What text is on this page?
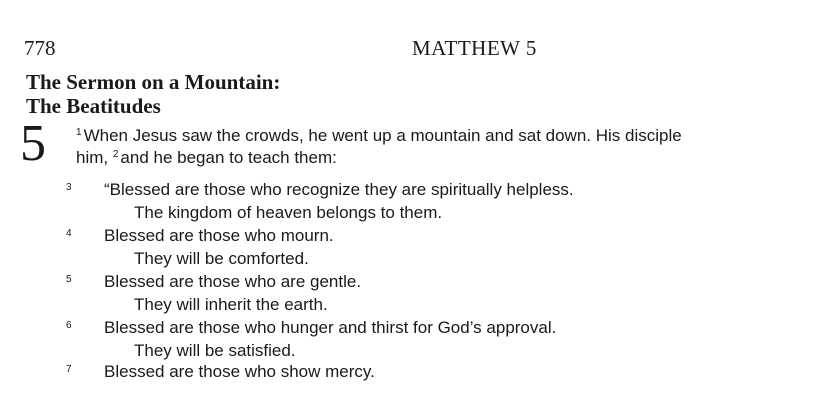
778	MATTHEW 5
The Sermon on a Mountain:
The Beatitudes
5	$^1$ When Jesus saw the crowds, he went up a mountain and sat down. His disciple
him, $^2$ and he began to teach them:
3 “Blessed are those who recognize they are spiritually helpless.
The kingdom of heaven belongs to them.
4 Blessed are those who mourn.
They will be comforted.
5 Blessed are those who are gentle.
They will inherit the earth.
6 Blessed are those who hunger and thirst for God’s approval.
They will be satisfied.
7 Blessed are those who show mercy.
